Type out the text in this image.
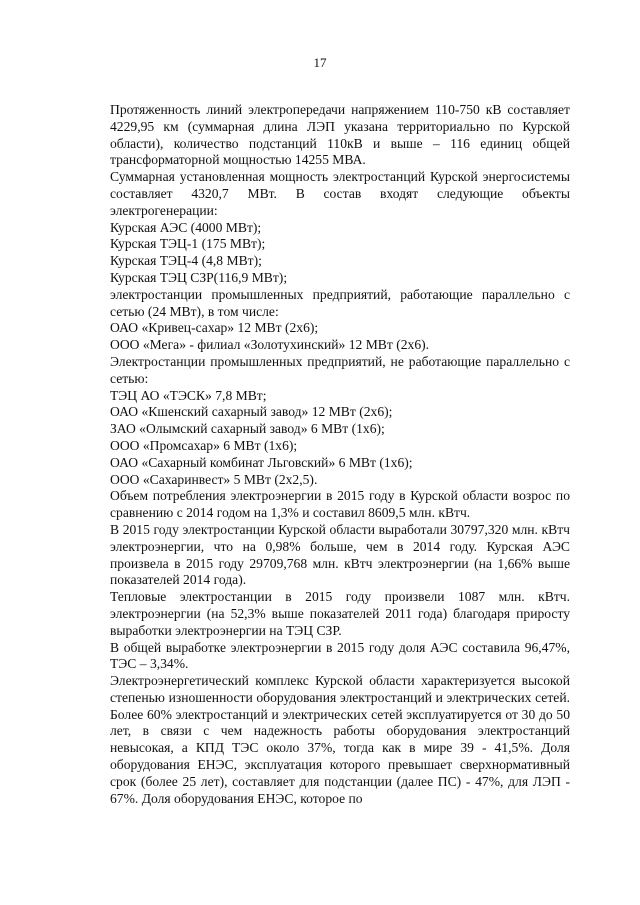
17
Протяженность линий электропередачи напряжением 110-750 кВ составляет 4229,95 км (суммарная длина ЛЭП указана территориально по Курской области), количество подстанций 110кВ и выше – 116 единиц общей трансформаторной мощностью 14255 МВА.
Суммарная установленная мощность электростанций Курской энергосистемы составляет 4320,7 МВт. В состав входят следующие объекты электрогенерации:
Курская АЭС (4000 МВт);
Курская ТЭЦ-1 (175 МВт);
Курская ТЭЦ-4 (4,8 МВт);
Курская ТЭЦ СЗР(116,9 МВт);
электростанции промышленных предприятий, работающие параллельно с сетью (24 МВт), в том числе:
ОАО «Кривец-сахар» 12 МВт (2х6);
ООО «Мега» - филиал «Золотухинский» 12 МВт (2х6).
Электростанции промышленных предприятий, не работающие параллельно с сетью:
ТЭЦ АО «ТЭСК» 7,8 МВт;
ОАО «Кшенский сахарный завод» 12 МВт (2х6);
ЗАО «Олымский сахарный завод» 6 МВт (1х6);
ООО «Промсахар» 6 МВт (1х6);
ОАО «Сахарный комбинат Льговский» 6 МВт (1х6);
ООО «Сахаринвест» 5 МВт (2х2,5).
Объем потребления электроэнергии в 2015 году в Курской области возрос по сравнению с 2014 годом на 1,3% и составил 8609,5 млн. кВтч.
В 2015 году электростанции Курской области выработали 30797,320 млн. кВтч электроэнергии, что на 0,98% больше, чем в 2014 году. Курская АЭС произвела в 2015 году 29709,768 млн. кВтч электроэнергии (на 1,66% выше показателей 2014 года).
Тепловые электростанции в 2015 году произвели 1087 млн. кВтч. электроэнергии (на 52,3% выше показателей 2011 года) благодаря приросту выработки электроэнергии на ТЭЦ СЗР.
В общей выработке электроэнергии в 2015 году доля АЭС составила 96,47%, ТЭС – 3,34%.
Электроэнергетический комплекс Курской области характеризуется высокой степенью изношенности оборудования электростанций и электрических сетей. Более 60% электростанций и электрических сетей эксплуатируется от 30 до 50 лет, в связи с чем надежность работы оборудования электростанций невысокая, а КПД ТЭС около 37%, тогда как в мире 39 - 41,5%. Доля оборудования ЕНЭС, эксплуатация которого превышает сверхнормативный срок (более 25 лет), составляет для подстанции (далее ПС) - 47%, для ЛЭП - 67%. Доля оборудования ЕНЭС, которое по
